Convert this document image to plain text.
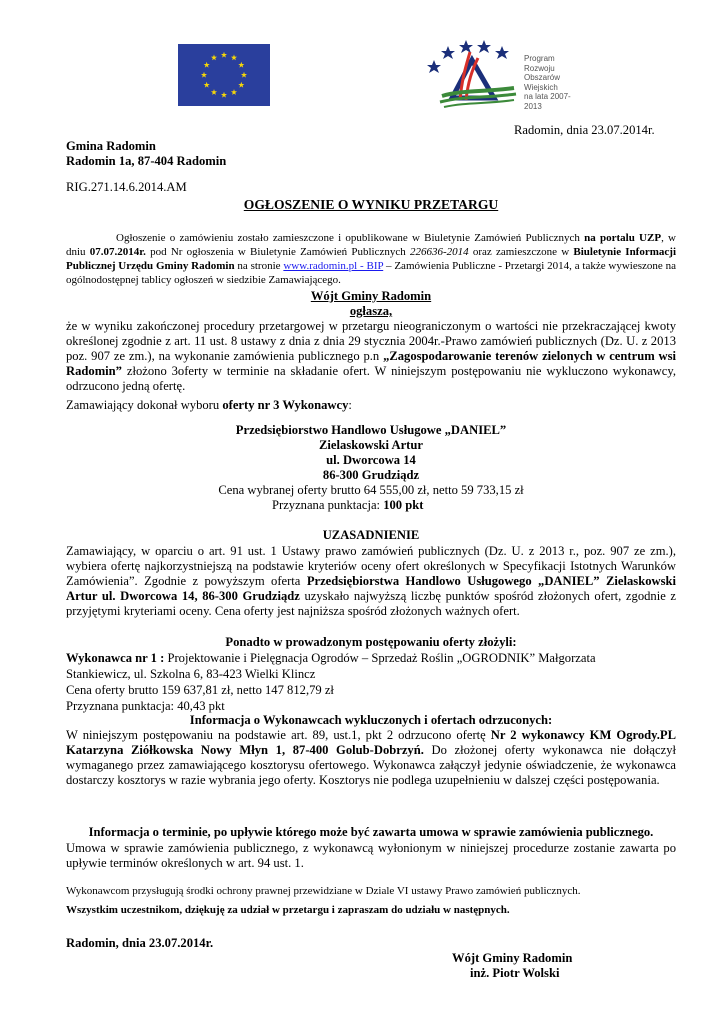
Program
Rozwoju
Obszarów
Wiejskich
na lata 2007-2013
Radomin, dnia 23.07.2014r.
Gmina Radomin
Radomin 1a, 87-404 Radomin
RIG.271.14.6.2014.AM
OGŁOSZENIE O WYNIKU PRZETARGU
Ogłoszenie o zamówieniu zostało zamieszczone i opublikowane w Biuletynie Zamówień Publicznych na portalu UZP, w dniu 07.07.2014r. pod Nr ogłoszenia w Biuletynie Zamówień Publicznych 226636-2014 oraz zamieszczone w Biuletynie Informacji Publicznej Urzędu Gminy Radomin na stronie www.radomin.pl - BIP – Zamówienia Publiczne - Przetargi 2014, a także wywieszone na ogólnodostępnej tablicy ogłoszeń w siedzibie Zamawiającego.
Wójt Gminy Radomin
ogłasza,
że w wyniku zakończonej procedury przetargowej w przetargu nieograniczonym o wartości nie przekraczającej kwoty określonej zgodnie z art. 11 ust. 8 ustawy z dnia z dnia 29 stycznia 2004r.-Prawo zamówień publicznych (Dz. U. z 2013 poz. 907 ze zm.), na wykonanie zamówienia publicznego p.n „Zagospodarowanie terenów zielonych w centrum wsi Radomin” złożono 3oferty w terminie na składanie ofert. W niniejszym postępowaniu nie wykluczono wykonawcy, odrzucono jedną ofertę.
Zamawiający dokonał wyboru oferty nr 3 Wykonawcy:
Przedsiębiorstwo Handlowo Usługowe „DANIEL”
Zielaskowski Artur
ul. Dworcowa 14
86-300 Grudziądz
Cena wybranej oferty brutto 64 555,00 zł, netto 59 733,15 zł
Przyznana punktacja: 100 pkt
UZASADNIENIE
Zamawiający, w oparciu o art. 91 ust. 1 Ustawy prawo zamówień publicznych (Dz. U. z 2013 r., poz. 907 ze zm.), wybiera ofertę najkorzystniejszą na podstawie kryteriów oceny ofert określonych w Specyfikacji Istotnych Warunków Zamówienia”. Zgodnie z powyższym oferta Przedsiębiorstwa Handlowo Usługowego „DANIEL” Zielaskowski Artur ul. Dworcowa 14, 86-300 Grudziądz uzyskało najwyższą liczbę punktów spośród złożonych ofert, zgodnie z przyjętymi kryteriami oceny. Cena oferty jest najniższa spośród złożonych ważnych ofert.
Ponadto w prowadzonym postępowaniu oferty złożyli:
Wykonawca nr 1 : Projektowanie i Pielęgnacja Ogrodów – Sprzedaż Roślin „OGRODNIK” Małgorzata
Stankiewicz, ul. Szkolna 6, 83-423 Wielki Klincz
Cena oferty brutto 159 637,81 zł, netto 147 812,79 zł
Przyznana punktacja: 40,43 pkt
Informacja o Wykonawcach wykluczonych i ofertach odrzuconych:
W niniejszym postępowaniu na podstawie art. 89, ust.1, pkt 2 odrzucono ofertę Nr 2 wykonawcy KM Ogrody.PL Katarzyna Ziółkowska Nowy Młyn 1, 87-400 Golub-Dobrzyń. Do złożonej oferty wykonawca nie dołączył wymaganego przez zamawiającego kosztorysu ofertowego. Wykonawca załączył jedynie oświadczenie, że wykonawca dostarczy kosztorys w razie wybrania jego oferty. Kosztorys nie podlega uzupełnieniu w dalszej części postępowania.
Informacja o terminie, po upływie którego może być zawarta umowa w sprawie zamówienia publicznego.
Umowa w sprawie zamówienia publicznego, z wykonawcą wyłonionym w niniejszej procedurze zostanie zawarta po upływie terminów określonych w art. 94 ust. 1.
Wykonawcom przysługują środki ochrony prawnej przewidziane w Dziale VI ustawy Prawo zamówień publicznych.
Wszystkim uczestnikom, dziękuję za udział w przetargu i zapraszam do udziału w następnych.
Radomin, dnia 23.07.2014r.
Wójt Gminy Radomin
inż. Piotr Wolski
